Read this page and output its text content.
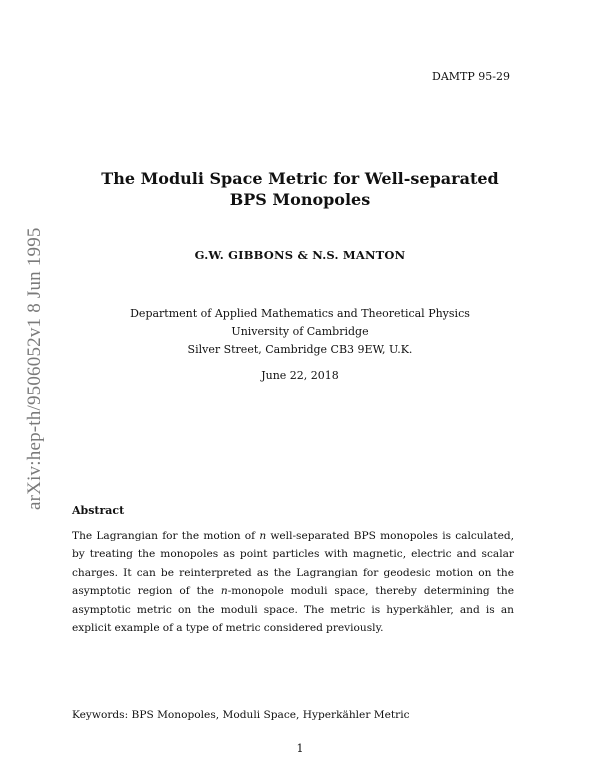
DAMTP 95-29
arXiv:hep-th/9506052v1 8 Jun 1995
The Moduli Space Metric for Well-separated
BPS Monopoles
G.W. GIBBONS & N.S. MANTON
Department of Applied Mathematics and Theoretical Physics
University of Cambridge
Silver Street, Cambridge CB3 9EW, U.K.
June 22, 2018
Abstract
The Lagrangian for the motion of n well-separated BPS monopoles is calculated, by treating the monopoles as point particles with magnetic, electric and scalar charges. It can be reinterpreted as the Lagrangian for geodesic motion on the asymptotic region of the n-monopole moduli space, thereby determining the asymptotic metric on the moduli space. The metric is hyperkähler, and is an explicit example of a type of metric considered previously.
Keywords: BPS Monopoles, Moduli Space, Hyperkähler Metric
1
